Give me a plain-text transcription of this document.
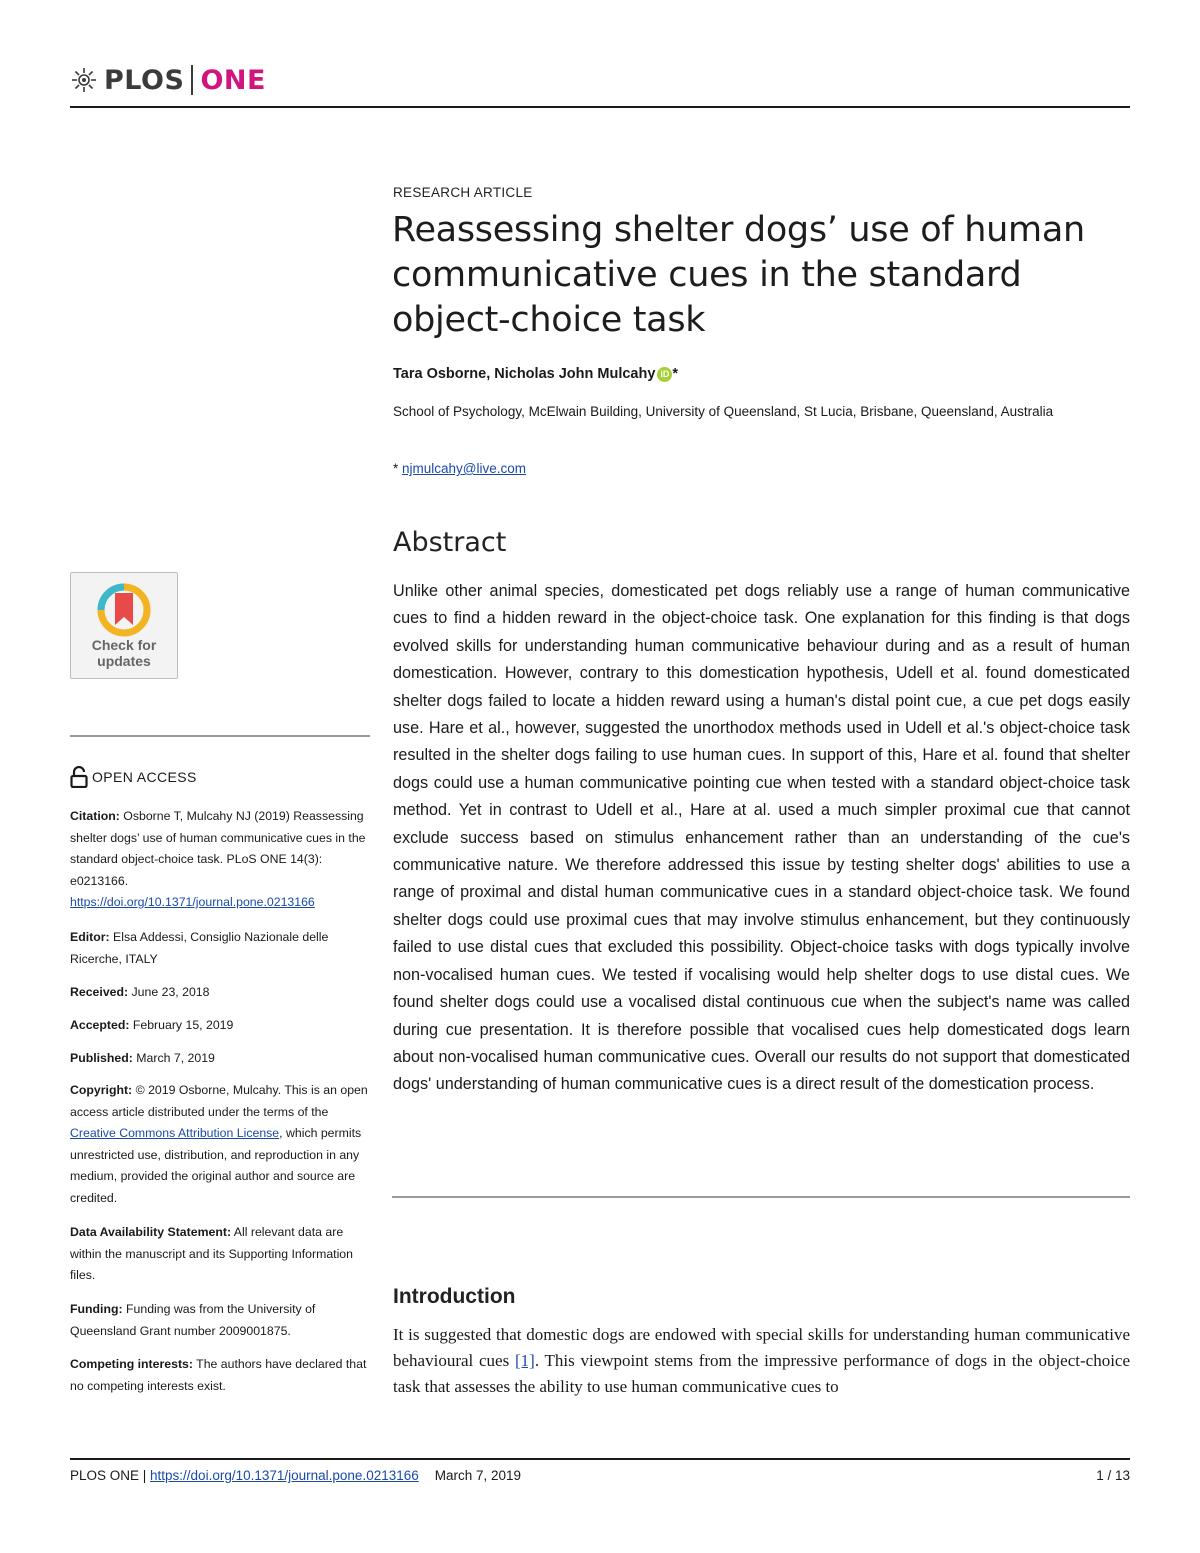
PLOS ONE
RESEARCH ARTICLE
Reassessing shelter dogs’ use of human communicative cues in the standard object-choice task
Tara Osborne, Nicholas John Mulcahy iD *
School of Psychology, McElwain Building, University of Queensland, St Lucia, Brisbane, Queensland, Australia
* njmulcahy@live.com
Abstract
Unlike other animal species, domesticated pet dogs reliably use a range of human communicative cues to find a hidden reward in the object-choice task. One explanation for this finding is that dogs evolved skills for understanding human communicative behaviour during and as a result of human domestication. However, contrary to this domestication hypothesis, Udell et al. found domesticated shelter dogs failed to locate a hidden reward using a human's distal point cue, a cue pet dogs easily use. Hare et al., however, suggested the unorthodox methods used in Udell et al.'s object-choice task resulted in the shelter dogs failing to use human cues. In support of this, Hare et al. found that shelter dogs could use a human communicative pointing cue when tested with a standard object-choice task method. Yet in contrast to Udell et al., Hare at al. used a much simpler proximal cue that cannot exclude success based on stimulus enhancement rather than an understanding of the cue's communicative nature. We therefore addressed this issue by testing shelter dogs' abilities to use a range of proximal and distal human communicative cues in a standard object-choice task. We found shelter dogs could use proximal cues that may involve stimulus enhancement, but they continuously failed to use distal cues that excluded this possibility. Object-choice tasks with dogs typically involve non-vocalised human cues. We tested if vocalising would help shelter dogs to use distal cues. We found shelter dogs could use a vocalised distal continuous cue when the subject's name was called during cue presentation. It is therefore possible that vocalised cues help domesticated dogs learn about non-vocalised human communicative cues. Overall our results do not support that domesticated dogs' understanding of human communicative cues is a direct result of the domestication process.
Introduction
It is suggested that domestic dogs are endowed with special skills for understanding human communicative behavioural cues [1]. This viewpoint stems from the impressive performance of dogs in the object-choice task that assesses the ability to use human communicative cues to
Check for updates
OPEN ACCESS
Citation: Osborne T, Mulcahy NJ (2019) Reassessing shelter dogs’ use of human communicative cues in the standard object-choice task. PLoS ONE 14(3): e0213166. https://doi.org/10.1371/journal.pone.0213166
Editor: Elsa Addessi, Consiglio Nazionale delle Ricerche, ITALY
Received: June 23, 2018
Accepted: February 15, 2019
Published: March 7, 2019
Copyright: © 2019 Osborne, Mulcahy. This is an open access article distributed under the terms of the Creative Commons Attribution License, which permits unrestricted use, distribution, and reproduction in any medium, provided the original author and source are credited.
Data Availability Statement: All relevant data are within the manuscript and its Supporting Information files.
Funding: Funding was from the University of Queensland Grant number 2009001875.
Competing interests: The authors have declared that no competing interests exist.
PLOS ONE | https://doi.org/10.1371/journal.pone.0213166 March 7, 2019	1 / 13
